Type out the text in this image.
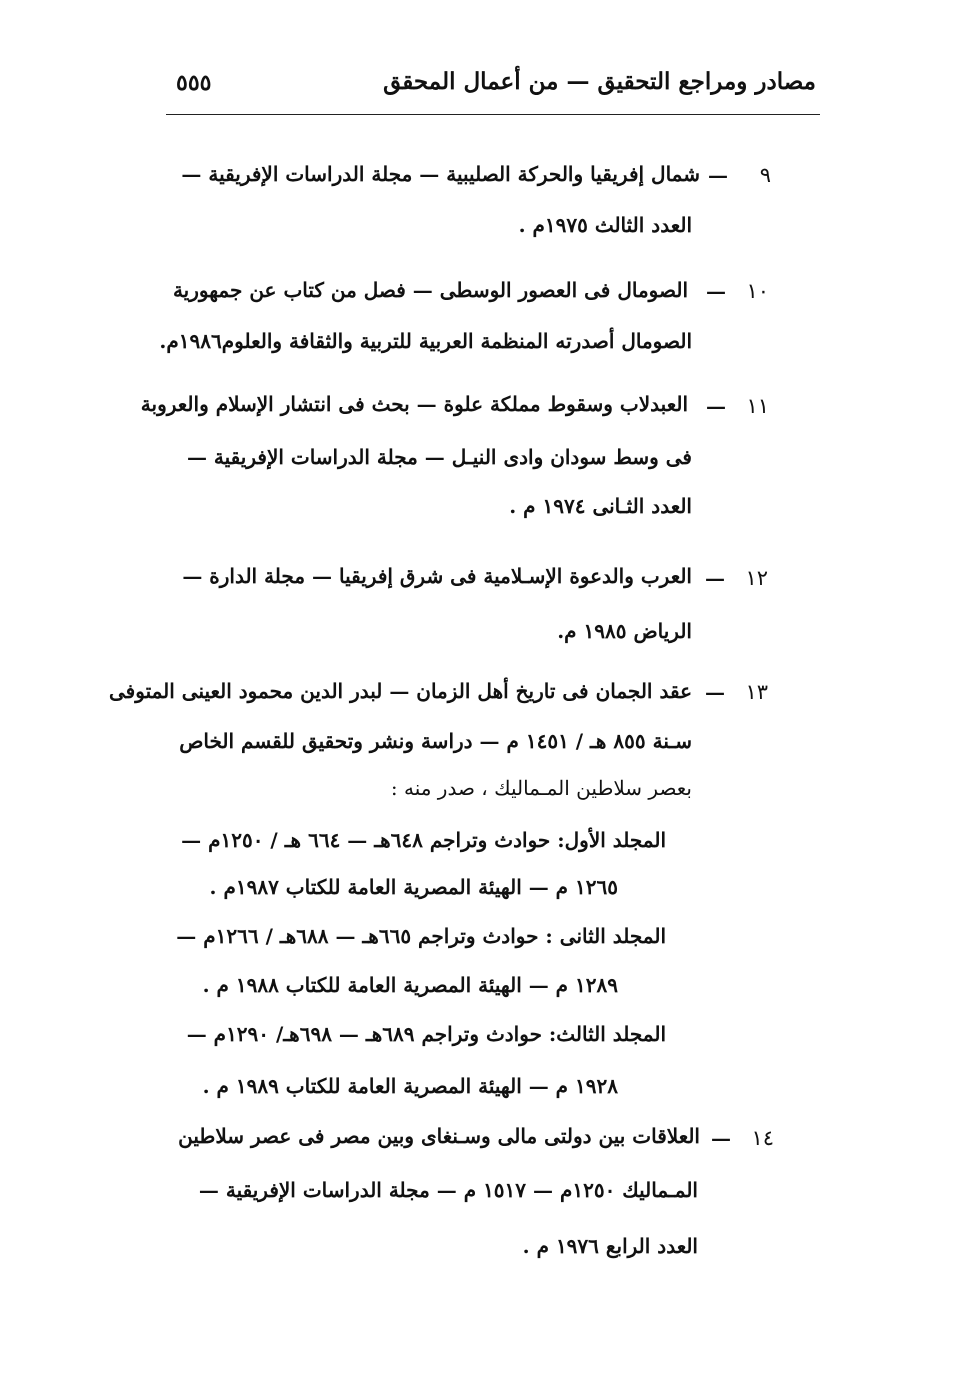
٥٥٥	مصادر ومراجع التحقيق — من أعمال المحقق
٩
—
شمال إفريقيا والحركة الصليبية — مجلة الدراسات الإفريقية —
العدد الثالث ١٩٧٥م .
١٠
—
الصومال فى العصور الوسطى — فصل من كتاب عن جمهورية
الصومال أصدرته المنظمة العربية للتربية والثقافة والعلوم١٩٨٦م.
١١
—
العبدلاب وسقوط مملكة علوة — بحث فى انتشار الإسلام والعروبة
فى وسط سودان وادى النيـل — مجلة الدراسات الإفريقية —
العدد الثـانى ١٩٧٤ م .
١٢
—
العرب والدعوة الإسـلامية فى شرق إفريقيا — مجلة الدارة —
الرياض ١٩٨٥ م.
١٣
—
عقد الجمان فى تاريخ أهل الزمان — لبدر الدين محمود العينى المتوفى
سـنة ٨٥٥ هـ / ١٤٥١ م — دراسة ونشر وتحقيق للقسم الخاص
بعصر سلاطين المـماليك ، صدر منه :
المجلد الأول: حوادث وتراجم ٦٤٨هـ — ٦٦٤ هـ / ١٢٥٠م —
١٢٦٥ م — الهيئة المصرية العامة للكتاب ١٩٨٧م .
المجلد الثانى : حوادث وتراجم ٦٦٥هـ — ٦٨٨هـ / ١٢٦٦م —
١٢٨٩ م — الهيئة المصرية العامة للكتاب ١٩٨٨ م .
المجلد الثالث: حوادث وتراجم ٦٨٩هـ — ٦٩٨هـ/ ١٢٩٠م —
١٩٢٨ م — الهيئة المصرية العامة للكتاب ١٩٨٩ م .
١٤
—
العلاقات بين دولتى مالى وسـنغاى وبين مصر فى عصر سلاطين
المـماليك ١٢٥٠م — ١٥١٧ م — مجلة الدراسات الإفريقية —
العدد الرابع ١٩٧٦ م .
